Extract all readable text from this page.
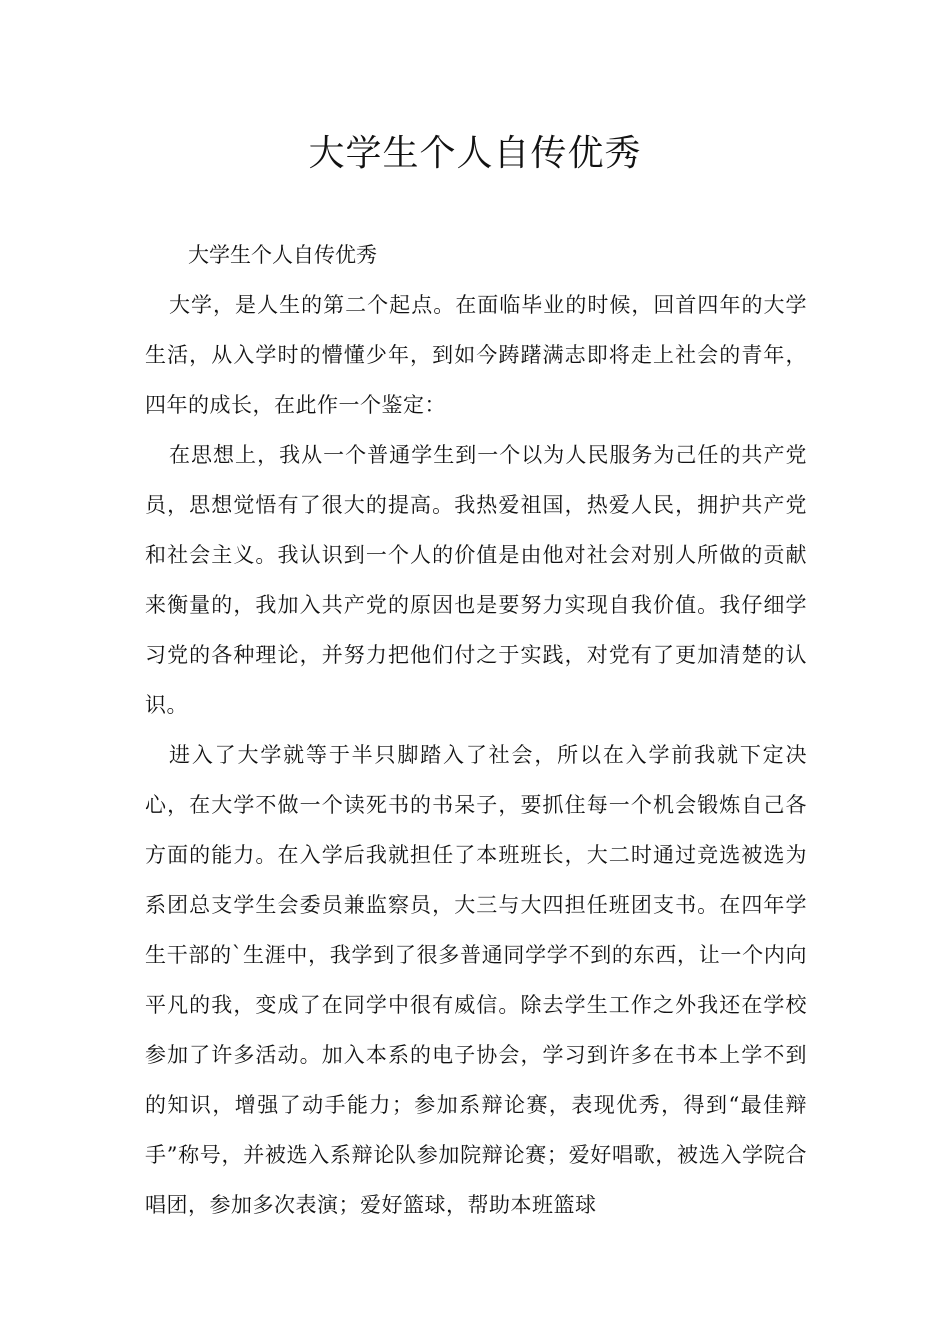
大学生个人自传优秀

大学生个人自传优秀

大学，是人生的第二个起点。在面临毕业的时候，回首四年的大学生活，从入学时的懵懂少年，到如今踌躇满志即将走上社会的青年，四年的成长，在此作一个鉴定：

在思想上，我从一个普通学生到一个以为人民服务为己任的共产党员，思想觉悟有了很大的提高。我热爱祖国，热爱人民，拥护共产党和社会主义。我认识到一个人的价值是由他对社会对别人所做的贡献来衡量的，我加入共产党的原因也是要努力实现自我价值。我仔细学习党的各种理论，并努力把他们付之于实践，对党有了更加清楚的认识。

进入了大学就等于半只脚踏入了社会，所以在入学前我就下定决心，在大学不做一个读死书的书呆子，要抓住每一个机会锻炼自己各方面的能力。在入学后我就担任了本班班长，大二时通过竞选被选为系团总支学生会委员兼监察员，大三与大四担任班团支书。在四年学生干部的`生涯中，我学到了很多普通同学学不到的东西，让一个内向平凡的我，变成了在同学中很有威信。除去学生工作之外我还在学校参加了许多活动。加入本系的电子协会，学习到许多在书本上学不到的知识，增强了动手能力；参加系辩论赛，表现优秀，得到“最佳辩手”称号，并被选入系辩论队参加院辩论赛；爱好唱歌，被选入学院合唱团，参加多次表演；爱好篮球，帮助本班篮球
